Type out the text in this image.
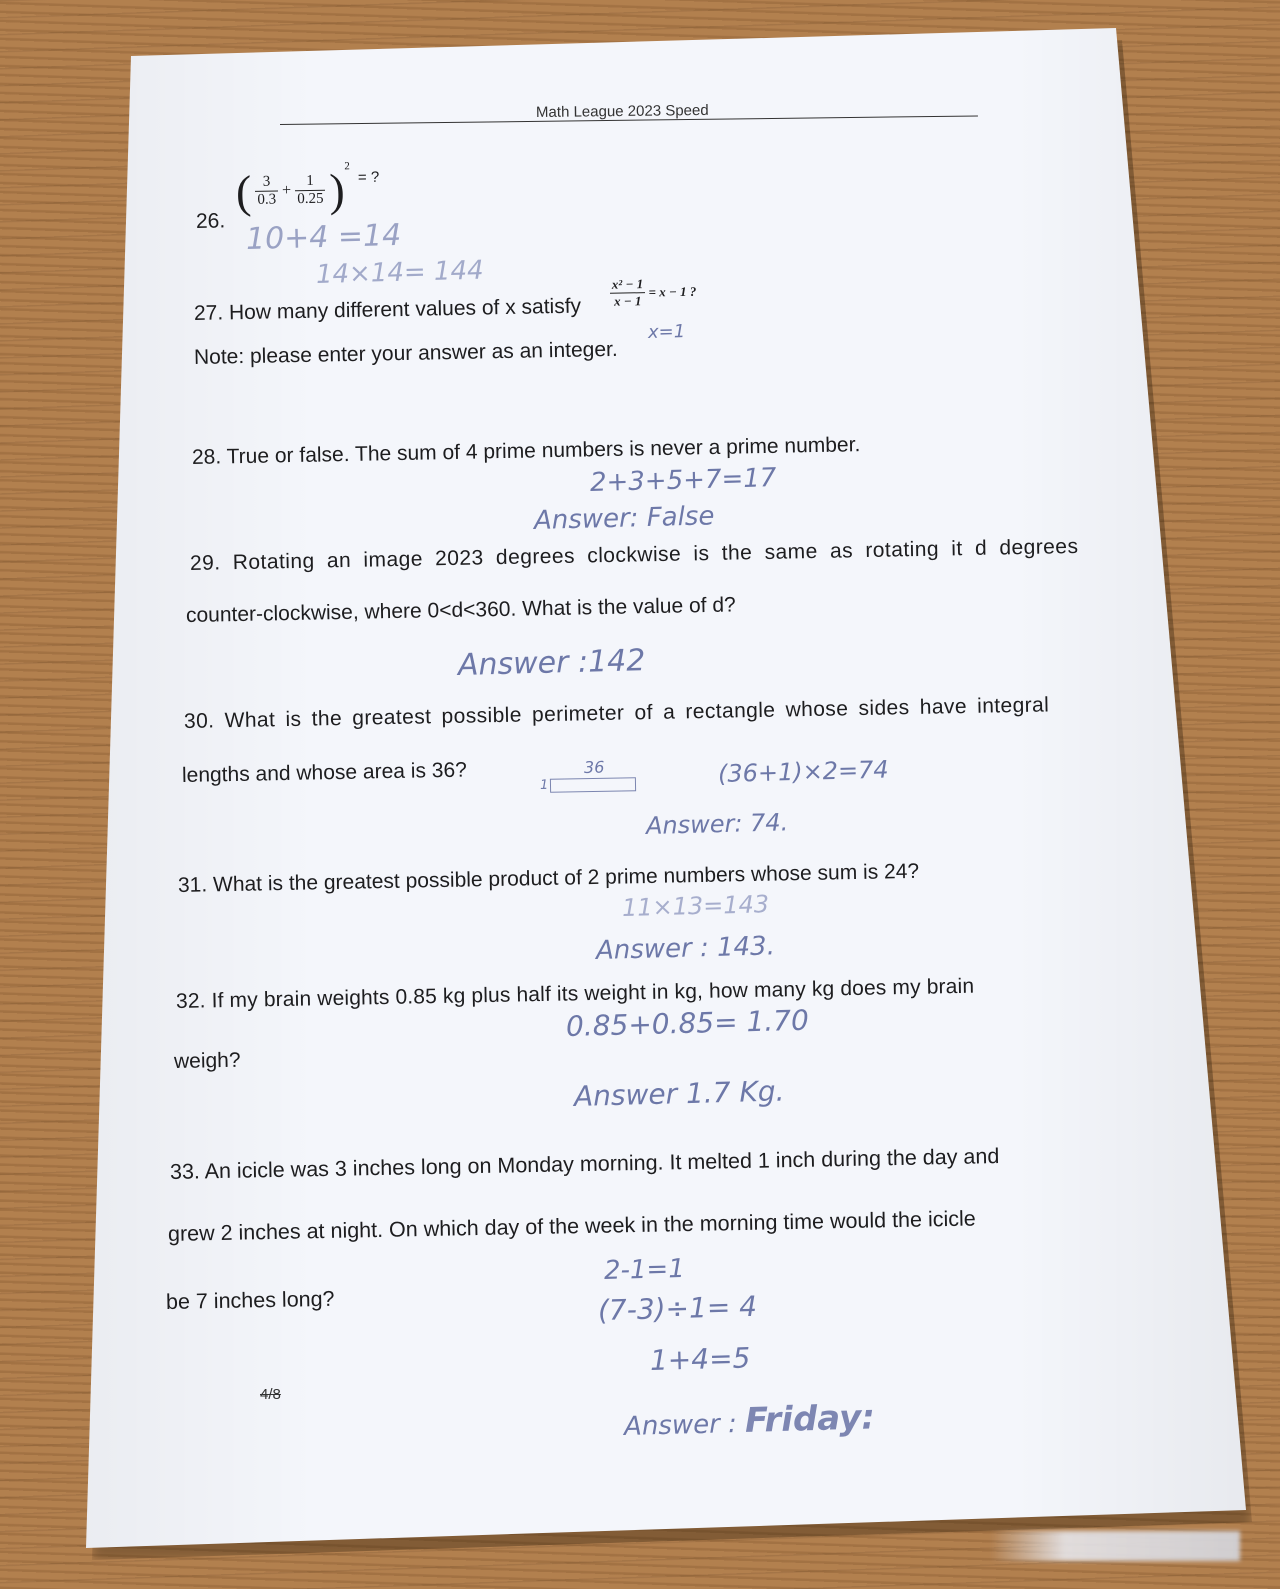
Math League 2023 Speed
26.
( $\frac{3}{0.3} + \frac{1}{0.25}$ ) $^2$ = ?
10+4 =14
14×14= 144
27. How many different values of x satisfy
$\frac{\text{x² − 1}}{x - 1} = x - 1$ ?
Note: please enter your answer as an integer.
x=1
28. True or false. The sum of 4 prime numbers is never a prime number.
2+3+5+7=17
Answer: False
29. Rotating an image 2023 degrees clockwise is the same as rotating it d degrees
counter-clockwise, where 0<d<360. What is the value of d?
Answer :142
30. What is the greatest possible perimeter of a rectangle whose sides have integral
lengths and whose area is 36?	36
1	(36+1)×2=74
Answer: 74.
31. What is the greatest possible product of 2 prime numbers whose sum is 24?
11×13=143
Answer : 143.
32. If my brain weights 0.85 kg plus half its weight in kg, how many kg does my brain
weigh?
0.85+0.85= 1.70
Answer 1.7 Kg.
33. An icicle was 3 inches long on Monday morning. It melted 1 inch during the day and
grew 2 inches at night. On which day of the week in the morning time would the icicle
be 7 inches long?
2-1=1
(7-3)÷1= 4
1+4=5
Answer : Friday:
4/8
